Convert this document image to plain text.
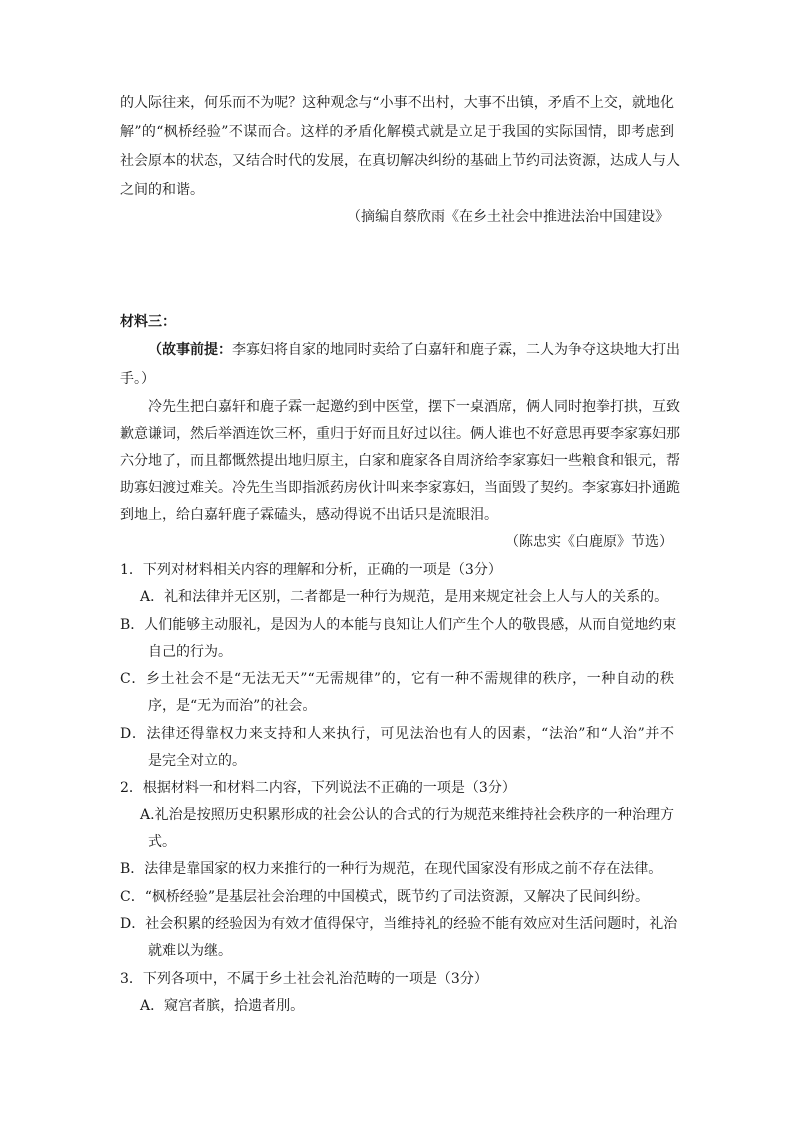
的人际往来，何乐而不为呢？这种观念与“小事不出村，大事不出镇，矛盾不上交，就地化
解”的“枫桥经验”不谋而合。这样的矛盾化解模式就是立足于我国的实际国情，即考虑到
社会原本的状态，又结合时代的发展，在真切解决纠纷的基础上节约司法资源，达成人与人
之间的和谐。
（摘编自蔡欣雨《在乡土社会中推进法治中国建设》
材料三：
（故事前提：李寡妇将自家的地同时卖给了白嘉轩和鹿子霖，二人为争夺这块地大打出
手。）
冷先生把白嘉轩和鹿子霖一起邀约到中医堂，摆下一桌酒席，俩人同时抱拳打拱，互致
歉意谦词，然后举酒连饮三杯，重归于好而且好过以往。俩人谁也不好意思再要李家寡妇那
六分地了，而且都慨然提出地归原主，白家和鹿家各自周济给李家寡妇一些粮食和银元，帮
助寡妇渡过难关。冷先生当即指派药房伙计叫来李家寡妇，当面毁了契约。李家寡妇扑通跪
到地上，给白嘉轩鹿子霖磕头，感动得说不出话只是流眼泪。
（陈忠实《白鹿原》节选）
1．下列对材料相关内容的理解和分析，正确的一项是（3分）
A．礼和法律并无区别，二者都是一种行为规范，是用来规定社会上人与人的关系的。
B．人们能够主动服礼，是因为人的本能与良知让人们产生个人的敬畏感，从而自觉地约束
自己的行为。
C．乡土社会不是“无法无天”“无需规律”的，它有一种不需规律的秩序，一种自动的秩
序，是“无为而治”的社会。
D．法律还得靠权力来支持和人来执行，可见法治也有人的因素，“法治”和“人治”并不
是完全对立的。
2．根据材料一和材料二内容，下列说法不正确的一项是（3分）
A.礼治是按照历史积累形成的社会公认的合式的行为规范来维持社会秩序的一种治理方
式。
B．法律是靠国家的权力来推行的一种行为规范，在现代国家没有形成之前不存在法律。
C．“枫桥经验”是基层社会治理的中国模式，既节约了司法资源，又解决了民间纠纷。
D．社会积累的经验因为有效才值得保守，当维持礼的经验不能有效应对生活问题时，礼治
就难以为继。
3．下列各项中，不属于乡土社会礼治范畴的一项是（3分）
A．窥宫者膑，拾遗者刖。
